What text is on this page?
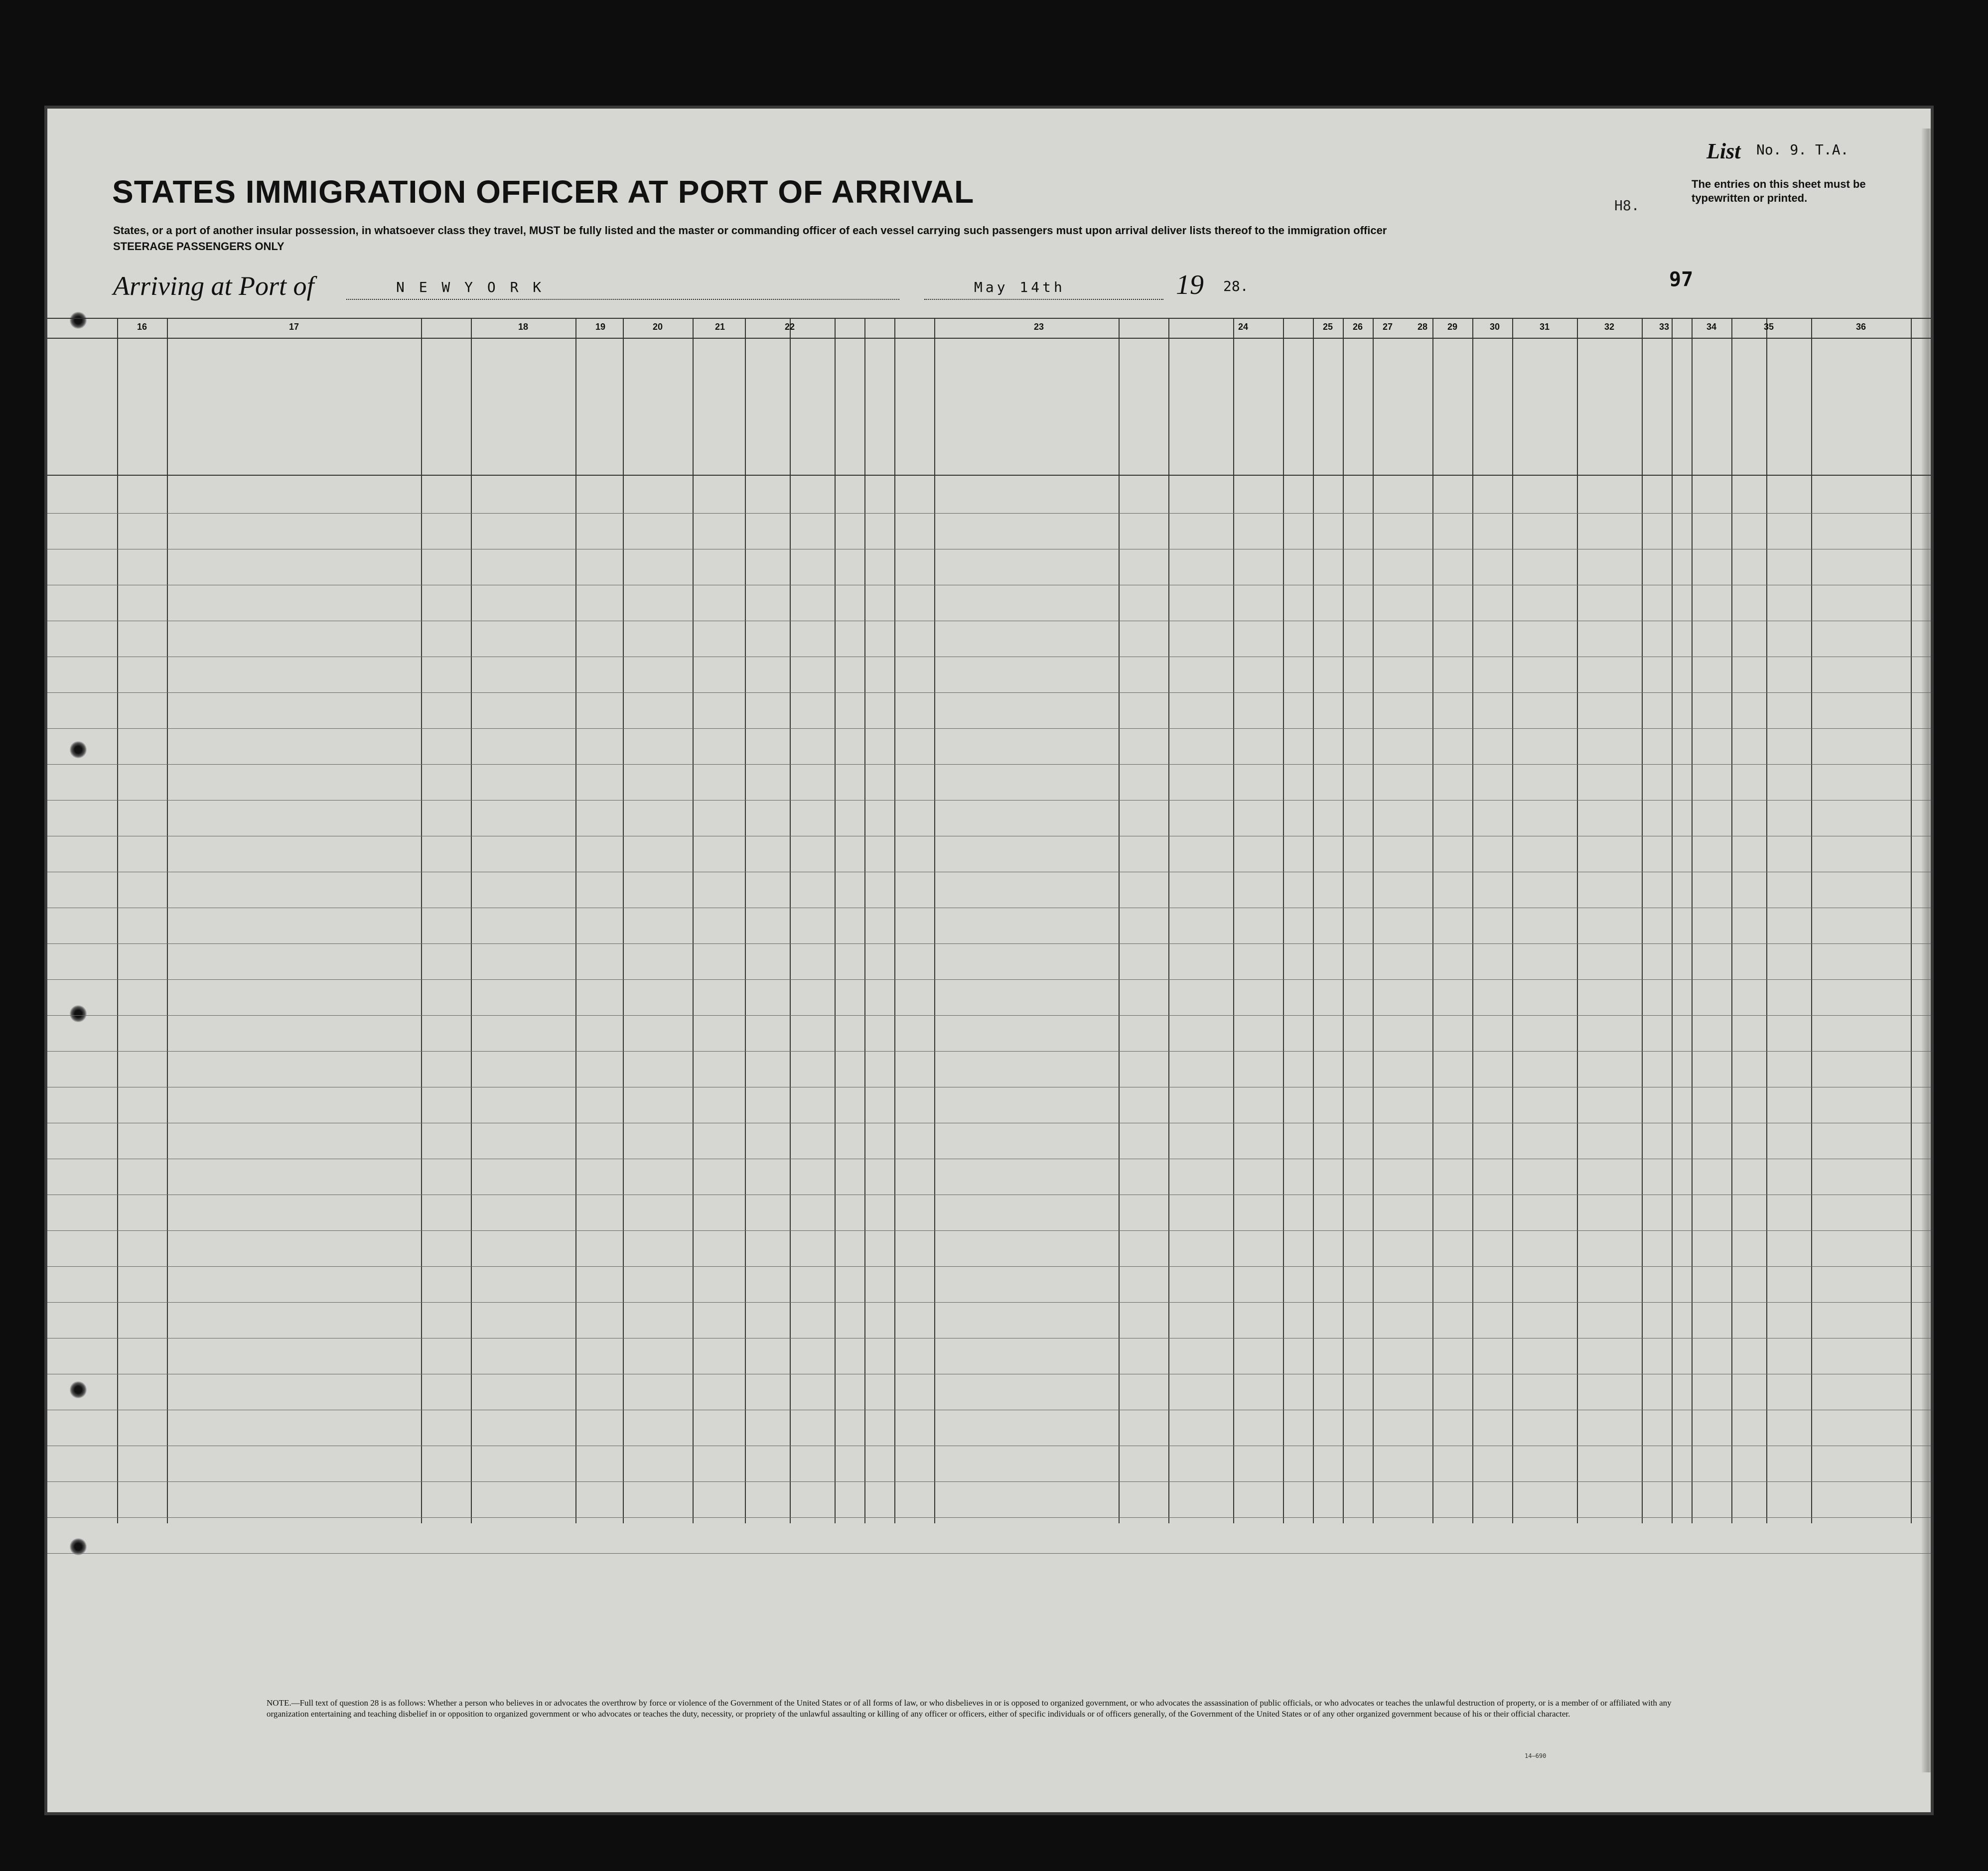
STATES IMMIGRATION OFFICER AT PORT OF ARRIVAL
States, or a port of another insular possession, in whatsoever class they travel, MUST be fully listed and the master or commanding officer of each vessel carrying such passengers must upon arrival deliver lists thereof to the immigration officer
STEERAGE PASSENGERS ONLY
List No. 9. T.A.
H8.
The entries on this sheet must be typewritten or printed.
97
Arriving at Port of	N E W Y O R K	May 14th	19 28.
16	17	18	19	20	21	22	23	24	25	26	27	28	29	30	31	32	33	34	35	36
NOTE.—Full text of question 28 is as follows: Whether a person who believes in or advocates the overthrow by force or violence of the Government of the United States or of all forms of law, or who disbelieves in or is opposed to organized government, or who advocates the assassination of public officials, or who advocates or teaches the unlawful destruction of property, or is a member of or affiliated with any organization entertaining and teaching disbelief in or opposition to organized government or who advocates or teaches the duty, necessity, or propriety of the unlawful assaulting or killing of any officer or officers, either of specific individuals or of officers generally, of the Government of the United States or of any other organized government because of his or their official character.
14—690
